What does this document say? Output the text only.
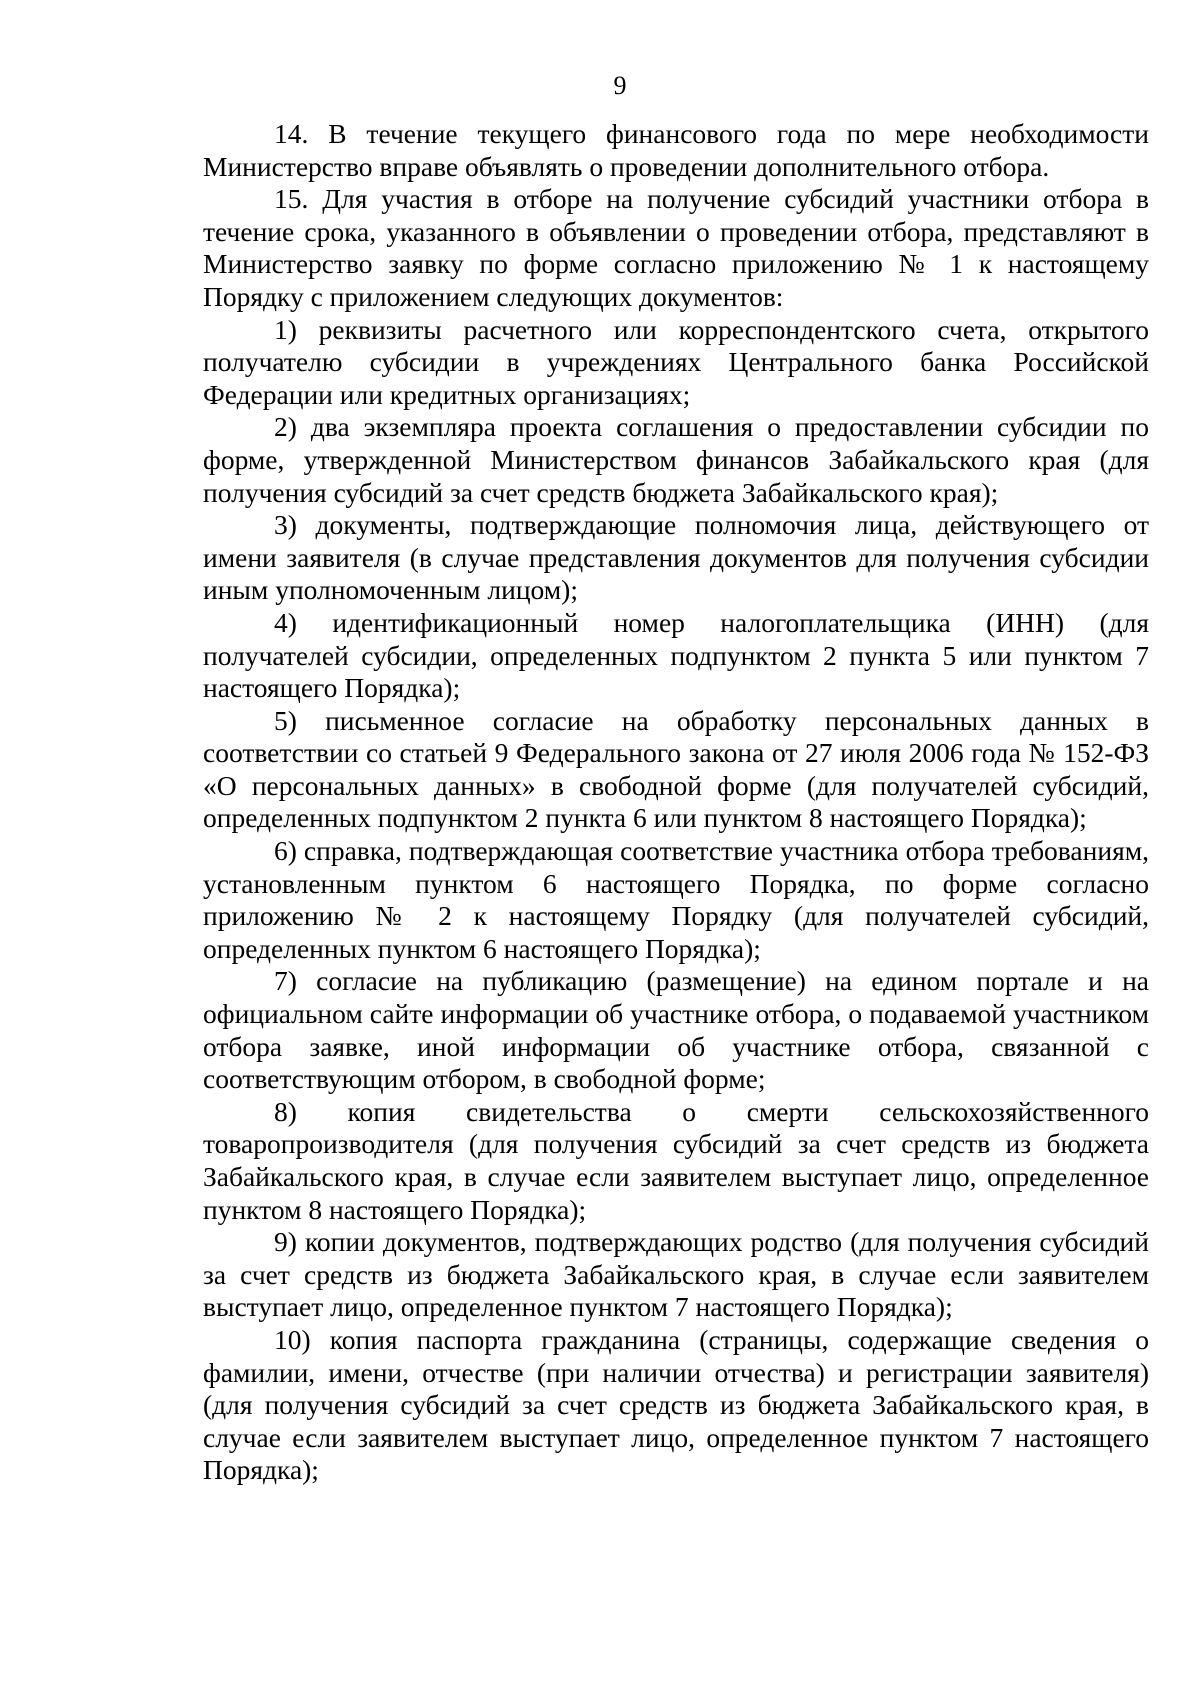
9

14. В течение текущего финансового года по мере необходимости Министерство вправе объявлять о проведении дополнительного отбора.

15. Для участия в отборе на получение субсидий участники отбора в течение срока, указанного в объявлении о проведении отбора, представляют в Министерство заявку по форме согласно приложению № 1 к настоящему Порядку с приложением следующих документов:

1) реквизиты расчетного или корреспондентского счета, открытого получателю субсидии в учреждениях Центрального банка Российской Федерации или кредитных организациях;

2) два экземпляра проекта соглашения о предоставлении субсидии по форме, утвержденной Министерством финансов Забайкальского края (для получения субсидий за счет средств бюджета Забайкальского края);

3) документы, подтверждающие полномочия лица, действующего от имени заявителя (в случае представления документов для получения субсидии иным уполномоченным лицом);

4) идентификационный номер налогоплательщика (ИНН) (для получателей субсидии, определенных подпунктом 2 пункта 5 или пунктом 7 настоящего Порядка);

5) письменное согласие на обработку персональных данных в соответствии со статьей 9 Федерального закона от 27 июля 2006 года № 152-ФЗ «О персональных данных» в свободной форме (для получателей субсидий, определенных подпунктом 2 пункта 6 или пунктом 8 настоящего Порядка);

6) справка, подтверждающая соответствие участника отбора требованиям, установленным пунктом 6 настоящего Порядка, по форме согласно приложению № 2 к настоящему Порядку (для получателей субсидий, определенных пунктом 6 настоящего Порядка);

7) согласие на публикацию (размещение) на едином портале и на официальном сайте информации об участнике отбора, о подаваемой участником отбора заявке, иной информации об участнике отбора, связанной с соответствующим отбором, в свободной форме;

8) копия свидетельства о смерти сельскохозяйственного товаропроизводителя (для получения субсидий за счет средств из бюджета Забайкальского края, в случае если заявителем выступает лицо, определенное пунктом 8 настоящего Порядка);

9) копии документов, подтверждающих родство (для получения субсидий за счет средств из бюджета Забайкальского края, в случае если заявителем выступает лицо, определенное пунктом 7 настоящего Порядка);

10) копия паспорта гражданина (страницы, содержащие сведения о фамилии, имени, отчестве (при наличии отчества) и регистрации заявителя) (для получения субсидий за счет средств из бюджета Забайкальского края, в случае если заявителем выступает лицо, определенное пунктом 7 настоящего Порядка);
